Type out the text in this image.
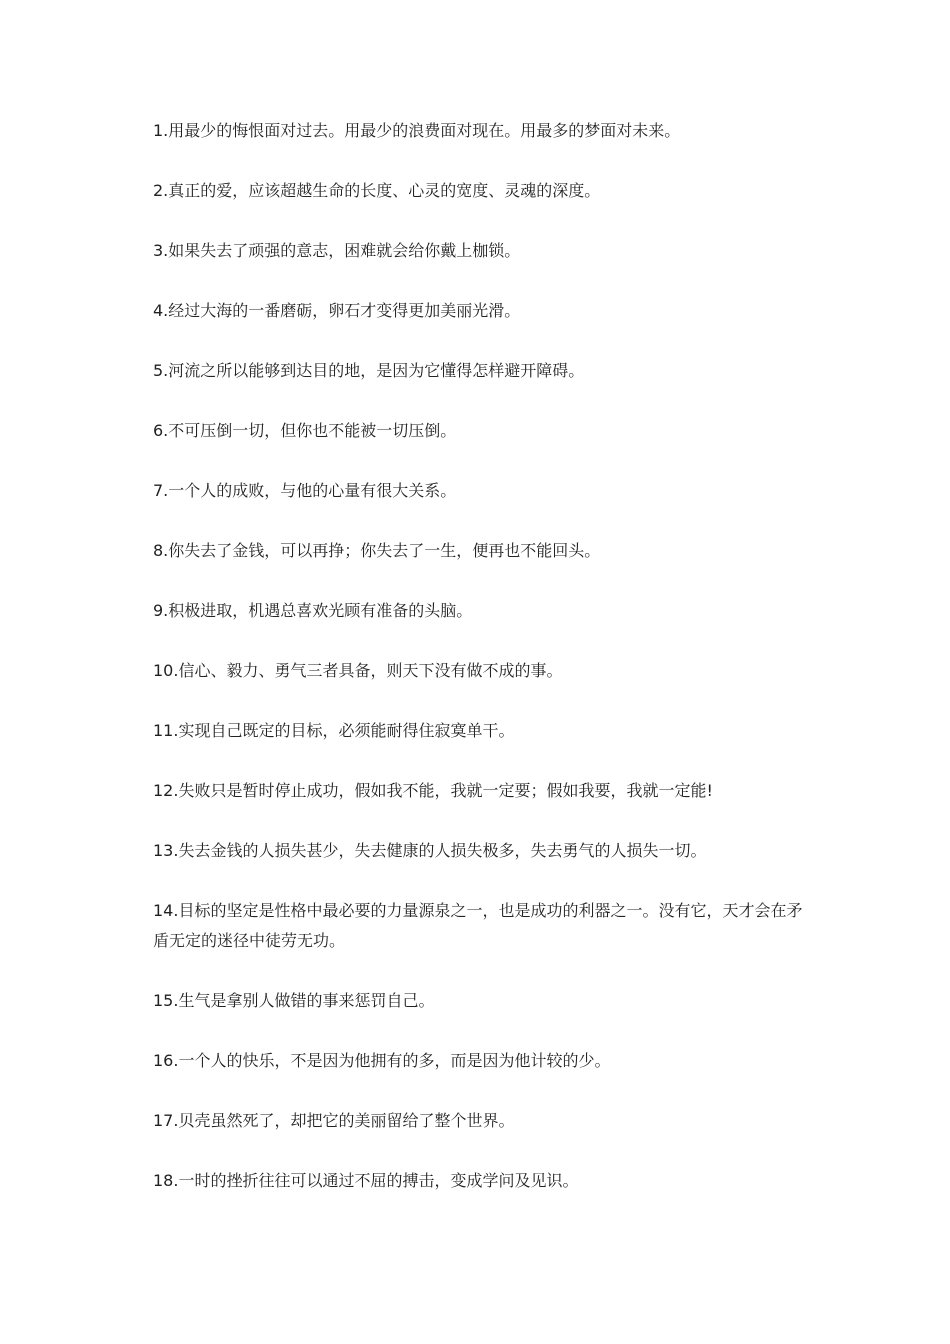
1.用最少的悔恨面对过去。用最少的浪费面对现在。用最多的梦面对未来。
2.真正的爱，应该超越生命的长度、心灵的宽度、灵魂的深度。
3.如果失去了顽强的意志，困难就会给你戴上枷锁。
4.经过大海的一番磨砺，卵石才变得更加美丽光滑。
5.河流之所以能够到达目的地，是因为它懂得怎样避开障碍。
6.不可压倒一切，但你也不能被一切压倒。
7.一个人的成败，与他的心量有很大关系。
8.你失去了金钱，可以再挣；你失去了一生，便再也不能回头。
9.积极进取，机遇总喜欢光顾有准备的头脑。
10.信心、毅力、勇气三者具备，则天下没有做不成的事。
11.实现自己既定的目标，必须能耐得住寂寞单干。
12.失败只是暂时停止成功，假如我不能，我就一定要；假如我要，我就一定能!
13.失去金钱的人损失甚少，失去健康的人损失极多，失去勇气的人损失一切。
14.目标的坚定是性格中最必要的力量源泉之一，也是成功的利器之一。没有它，天才会在矛盾无定的迷径中徒劳无功。
15.生气是拿别人做错的事来惩罚自己。
16.一个人的快乐，不是因为他拥有的多，而是因为他计较的少。
17.贝壳虽然死了，却把它的美丽留给了整个世界。
18.一时的挫折往往可以通过不屈的搏击，变成学问及见识。
